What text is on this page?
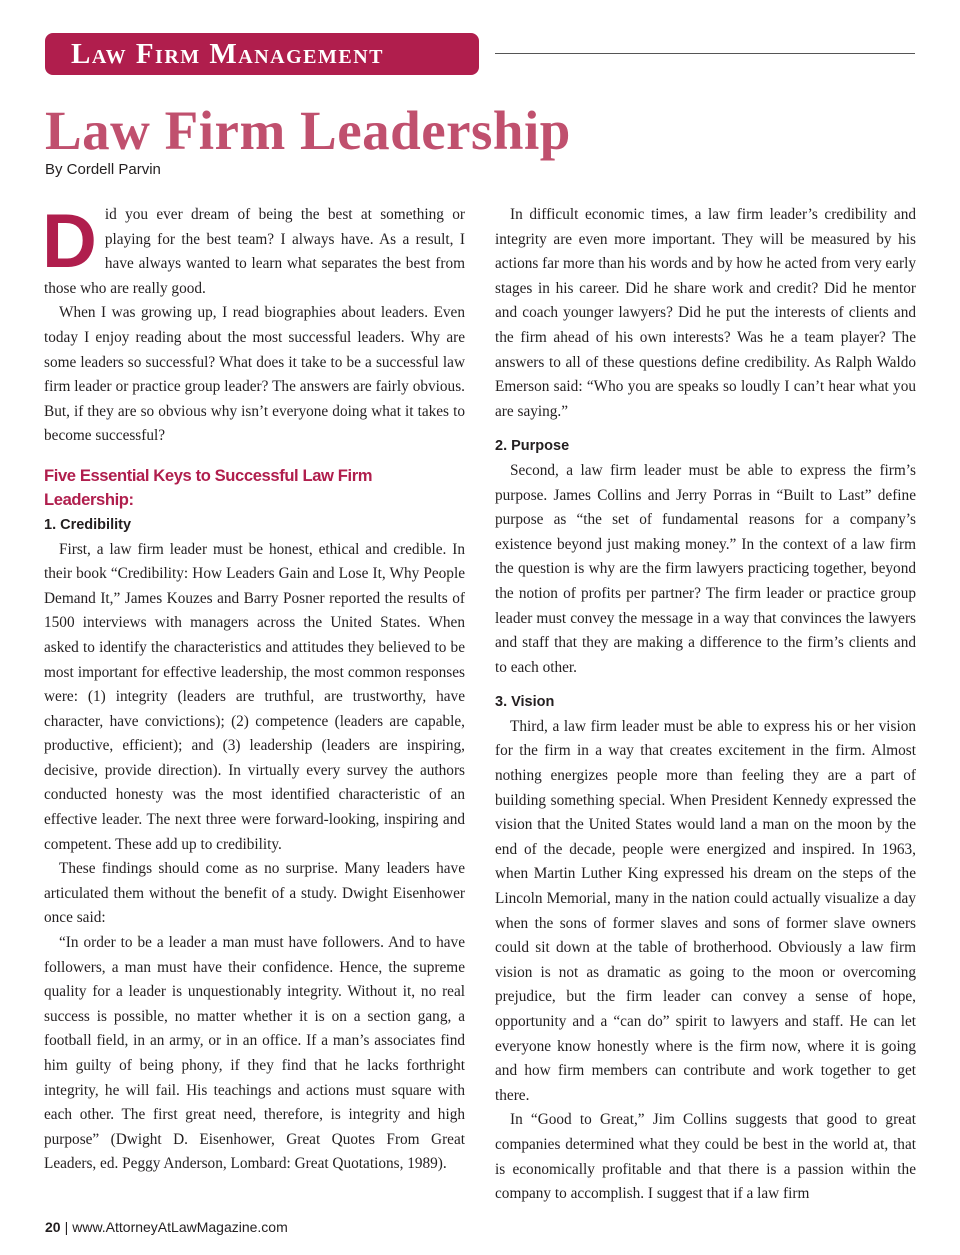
Law Firm Management
Law Firm Leadership
By Cordell Parvin

Did you ever dream of being the best at something or playing for the best team? I always have. As a result, I have always wanted to learn what separates the best from those who are really good.

When I was growing up, I read biographies about leaders. Even today I enjoy reading about the most successful leaders. Why are some leaders so successful? What does it take to be a successful law firm leader or practice group leader? The answers are fairly obvious. But, if they are so obvious why isn’t everyone doing what it takes to become successful?

Five Essential Keys to Successful Law Firm Leadership:
1. Credibility

First, a law firm leader must be honest, ethical and credible. In their book “Credibility: How Leaders Gain and Lose It, Why People Demand It,” James Kouzes and Barry Posner reported the results of 1500 interviews with managers across the United States. When asked to identify the characteristics and attitudes they believed to be most important for effective leadership, the most common responses were: (1) integrity (leaders are truthful, are trustworthy, have character, have convictions); (2) competence (leaders are capable, productive, efficient); and (3) leadership (leaders are inspiring, decisive, provide direction). In virtually every survey the authors conducted honesty was the most identified characteristic of an effective leader. The next three were forward-looking, inspiring and competent. These add up to credibility.

These findings should come as no surprise. Many leaders have articulated them without the benefit of a study. Dwight Eisenhower once said:

“In order to be a leader a man must have followers. And to have followers, a man must have their confidence. Hence, the supreme quality for a leader is unquestionably integrity. Without it, no real success is possible, no matter whether it is on a section gang, a football field, in an army, or in an office. If a man’s associates find him guilty of being phony, if they find that he lacks forthright integrity, he will fail. His teachings and actions must square with each other. The first great need, therefore, is integrity and high purpose” (Dwight D. Eisenhower, Great Quotes From Great Leaders, ed. Peggy Anderson, Lombard: Great Quotations, 1989).

In difficult economic times, a law firm leader’s credibility and integrity are even more important. They will be measured by his actions far more than his words and by how he acted from very early stages in his career. Did he share work and credit? Did he mentor and coach younger lawyers? Did he put the interests of clients and the firm ahead of his own interests? Was he a team player? The answers to all of these questions define credibility. As Ralph Waldo Emerson said: “Who you are speaks so loudly I can’t hear what you are saying.”

2. Purpose

Second, a law firm leader must be able to express the firm’s purpose. James Collins and Jerry Porras in “Built to Last” define purpose as “the set of fundamental reasons for a company’s existence beyond just making money.” In the context of a law firm the question is why are the firm lawyers practicing together, beyond the notion of profits per partner? The firm leader or practice group leader must convey the message in a way that convinces the lawyers and staff that they are making a difference to the firm’s clients and to each other.

3. Vision

Third, a law firm leader must be able to express his or her vision for the firm in a way that creates excitement in the firm. Almost nothing energizes people more than feeling they are a part of building something special. When President Kennedy expressed the vision that the United States would land a man on the moon by the end of the decade, people were energized and inspired. In 1963, when Martin Luther King expressed his dream on the steps of the Lincoln Memorial, many in the nation could actually visualize a day when the sons of former slaves and sons of former slave owners could sit down at the table of brotherhood. Obviously a law firm vision is not as dramatic as going to the moon or overcoming prejudice, but the firm leader can convey a sense of hope, opportunity and a “can do” spirit to lawyers and staff. He can let everyone know honestly where is the firm now, where it is going and how firm members can contribute and work together to get there.

In “Good to Great,” Jim Collins suggests that good to great companies determined what they could be best in the world at, that is economically profitable and that there is a passion within the company to accomplish. I suggest that if a law firm

20 | www.AttorneyAtLawMagazine.com
